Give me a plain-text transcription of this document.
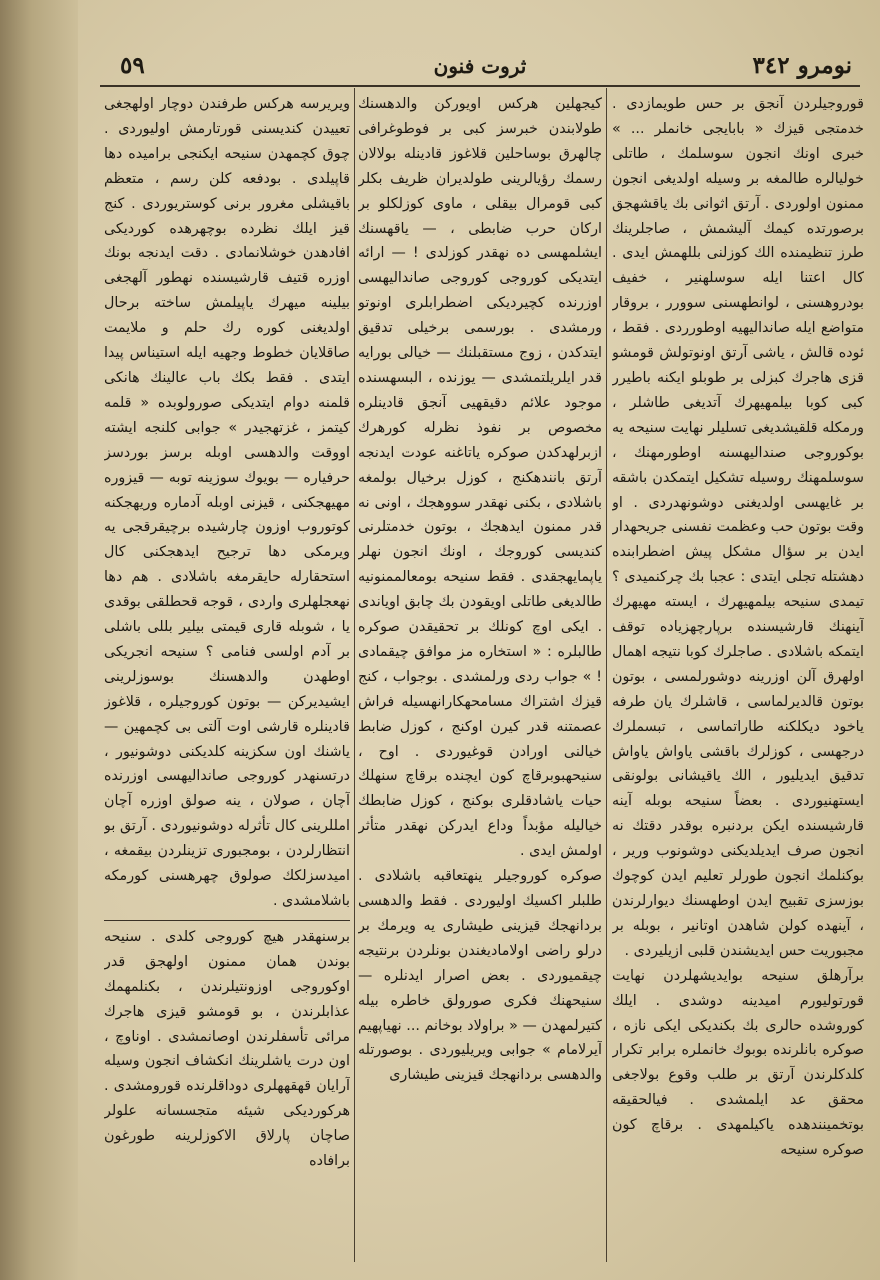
نومرو ٣٤٢
ثروت فنون
٥٩

قوروجیلردن آنجق بر حس طویمازدی . خدمتجی قیزك « بابایجی خانملر ... » خبری اونك انجون سوسلمك ، طاتلی خولیالره طالمغه بر وسیله اولدیغی انجون ممنون اولوردی . آرتق اثوانی بك یاقشهجق برصورتده کیمك آلیشمش ، صاجلرینك طرز تنظیمنده الك کوزلنی بللهمش ایدی . کال اعتنا ایله سوسلهنیر ، خفیف بودروهسنی ، لوانطهسنی سوورر ، بروقار متواضع ایله صاندالیهیه اوطورردی . فقط ، ئوده قالش ، یاشی آرتق اونوتولش قومشو قزی هاجرك کبزلی بر طوبلو ایکنه باطیرر کبی کوبا بیلمهیهرك آتدیغی طاشلر ، ورمکله قلقیشدیغی تسلیلر نهایت سنیحه یه بوکوروجی صندالیهسنه اوطورمهنك ، سوسلمهنك روسیله تشکیل ایتمکدن باشقه بر غایهسی اولدیغنی دوشونهدردی . او وقت بوتون حب وعظمت نفسنی جریحهدار ایدن بر سؤال مشکل پیش اضطرابنده دهشتله تجلی ایتدی : عجبا بك چرکنمیدی ؟ تیمدی سنیحه بیلمهیهرك ، ایسته مهیهرك آینهنك قارشیسنده برپارچهزیاده توقف ایتمکه باشلادی . صاجلرك کوبا نتیجه اهمال اولهرق آلن اوزرینه دوشورلمسی ، بوتون بوتون قالدیرلماسی ، قاشلرك یان طرفه یاخود دیکلکنه طاراتماسی ، تبسملرك درجهسی ، کوزلرك باقشی یاواش یاواش تدقیق ایدیلیور ، الك یاقیشانی بولونقی ایستهنیوردی . بعضاً سنیحه بوبله آینه قارشیسنده ایکن بردنبره بوقدر دقتك نه انجون صرف ایدیلدیکنی دوشونوب وریر ، بوکنلمك انجون طورلر تعلیم ایدن کوچوك بوزسزی تقبیح ایدن اوطهسنك دیوارلرندن ، آینهده کولن شاهدن اوتانیر ، بوبله بر مجبوریت حس ایدیشندن قلبی ازیلیردی .

برآرهلق سنیحه بوایدیشهلردن نهایت قورتولیورم امیدینه دوشدی . ایلك کوروشده حالری بك بکندیکی ایکی نازه ، صوکره بانلرنده بوبوك خانملره برابر تکرار کلدکلرندن آرتق بر طلب وقوع بولاجغی محقق عد ایلمشدی . فیالحقیقه بوتخمینندهده یاکیلمهدی . برقاچ کون صوکره سنیحه

کیجهلین هرکس اویورکن والدهسنك طولابندن خبرسز کبی بر فوطوغرافی چالهرق بوساحلین قلاغوز قادینله بولالان رسمك رؤیالرینی طولدیران ظریف بکلر کبی قومرال بیقلی ، ماوی کوزلکلو بر ارکان حرب ضابطی ، — یاقهسنك ایشلمهسی ده نهقدر کوزلدی ! — ارائه ایتدیکی کوروجی کوروجی صاندالیهسی اوزرنده کچیردیکی اضطرابلری اونوتو ورمشدی . بورسمی برخیلی تدقیق ایتدکدن ، زوج مستقبلنك — خیالی بورایه قدر ایلریلتمشدی — یوزنده ، البسهسنده موجود علائم دقیقهیی آنجق قادینلره مخصوص بر نفوذ نظرله کورهرك ازبرلهدکدن صوکره یاتاغنه عودت ایدنجه آرتق بانندهکنج ، کوزل برخیال بولمغه باشلادی ، بکنی نهقدر سووهجك ، اونی نه قدر ممنون ایدهجك ، بوتون خدمتلرنی کندیسی کوروجك ، اونك انجون نهلر یاپمایهجقدی . فقط سنیحه بومعالممنونیه طالدیغی طاتلی اویقودن بك چابق اویاندی . ایکی اوچ کونلك بر تحقیقدن صوکره طالبلره : « استخاره مز موافق چیقمادی ! » جواب ردی ورلمشدی . بوجواب ، کنج قیزك اشتراك مسامحهکارانهسیله فراش عصمتنه قدر کیرن اوکنج ، کوزل ضابط خیالنی اورادن قوغیوردی . اوح ، سنیحهبوبرقاچ کون ایچنده برقاچ سنهلك حیات یاشادقلری بوکنج ، کوزل ضابطك خیالیله مؤبداً وداع ایدرکن نهقدر متأثر اولمش ایدی .

صوکره کوروجیلر ینهتعاقبه باشلادی . طلبلر اکسیك اولیوردی . فقط والدهسی بردانهجك قیزینی طیشاری یه ویرمك بر درلو راضی اولامادیغندن بونلردن برنتیجه چیقمیوردی . بعض اصرار ایدنلره — سنیحهنك فکری صورولق خاطره بیله کتیرلمهدن — « براولاد بوخانم ... نهیاپهیم آیرلامام » جوابی ویریلیوردی . بوصورتله والدهسی بردانهجك قیزینی طیشاری

ویریرسه هرکس طرفندن دوچار اولهجغی تعییدن کندیسنی قورتارمش اولیوردی . چوق کچمهدن سنیحه ایکنجی برامیده دها قاپیلدی . بودفعه کلن رسم ، متعظم باقیشلی مغرور برنی کوستریوردی . کنج قیز ایلك نظرده بوچهرهده کوردیکی افادهدن خوشلانمادی . دقت ایدنجه بونك اوزره قتیف قارشیسنده نهطور آلهجغی بیلینه میهرك یاپیلمش ساخته برحال اولدیغنی کوره رك حلم و ملایمت صاقلایان خطوط وجهیه ایله استیناس پیدا ایتدی . فقط بکك باب عالینك هانکی قلمنه دوام ایتدیکی صورولوبده « قلمه کیتمز ، غزتهجیدر » جوابی کلنجه ایشته اووقت والدهسی اوبله برسز بوردسز حرفیاره — بویوك سوزینه توبه — قیزوره مهیهجکنی ، قیزنی اوبله آدماره وریهجکنه کوتوروب اوزون چارشیده برچیقرقجی یه ویرمکی دها ترجیح ایدهجکنی کال استحقارله حایقرمغه باشلادی . هم دها نهعجلهلری واردی ، قوجه قحطلقی بوقدی یا ، شوبله قاری قیمتی بیلیر بللی باشلی بر آدم اولسی فنامی ؟ سنیحه انجریکی اوطهدن والدهسنك بوسوزلرینی ایشیدیرکن — بوتون کوروجیلره ، قلاغوز قادینلره قارشی اوت آلتی بی کچمهین — یاشنك اون سکزینه کلدیکنی دوشونیور ، درتسنهدر کوروجی صاندالیهسی اوزرنده آچان ، صولان ، ینه صولق اوزره آچان امللرینی کال تأثرله دوشونیوردی . آرتق بو انتظارلردن ، بومجبوری تزینلردن بیقمغه ، امیدسزلکك صولوق چهرهسنی کورمکه باشلامشدی .

برسنهقدر هیچ کوروجی کلدی . سنیحه بوندن همان ممنون اولهجق قدر اوکوروجی اوزونتیلرندن ، بکنلمهمك عذابلرندن ، بو قومشو قیزی هاجرك مرائی تأسفلرندن اوصانمشدی . اوناوچ ، اون درت یاشلرینك انکشاف انجون وسیله آرایان قهقههلری دوداقلرنده قورومشدی . هرکوردیکی شیئه متجسسانه علولر صاچان پارلاق الاکوزلرینه طورغون برافاده
